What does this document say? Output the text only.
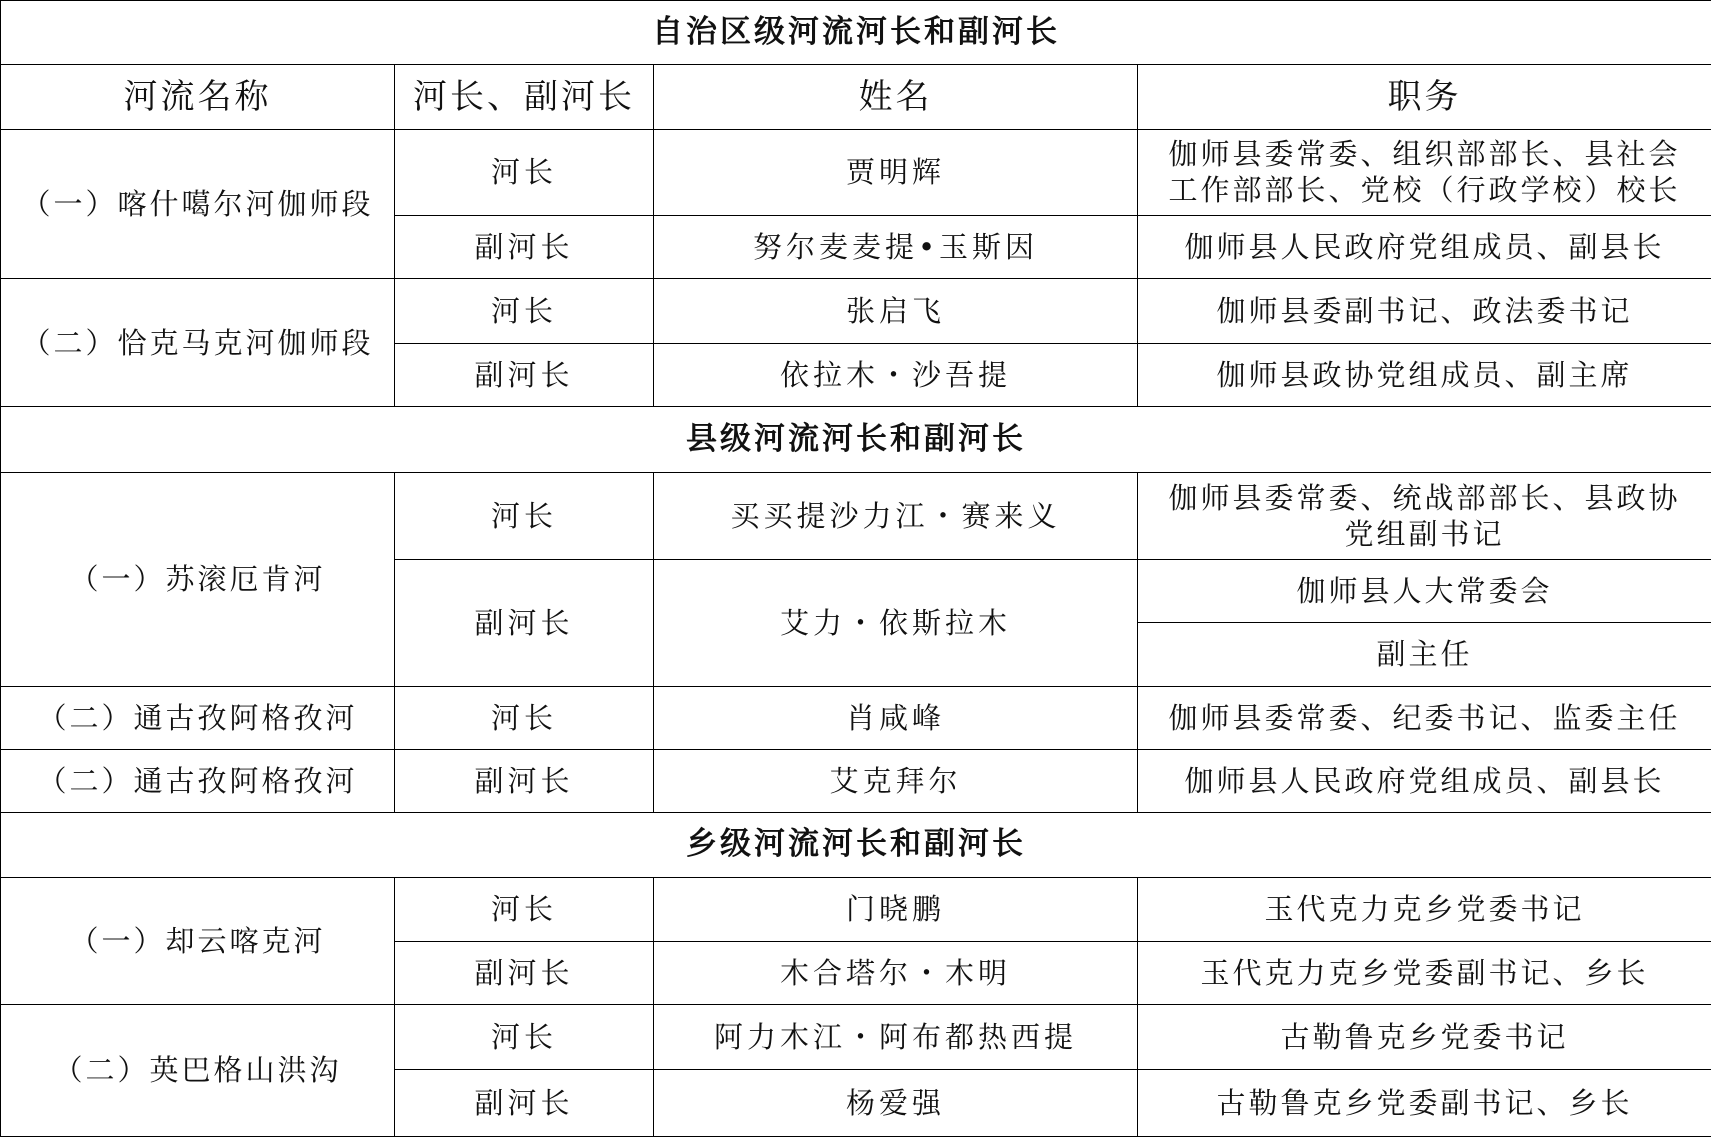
自治区级河流河长和副河长			
河流名称	河长、副河长	姓名	职务
（一）喀什噶尔河伽师段	河长	贾明辉	伽师县委常委、组织部部长、县社会
工作部部长、党校（行政学校）校长

	副河长	努尔麦麦提•玉斯因	伽师县人民政府党组成员、副县长
（二）恰克马克河伽师段	河长	张启飞	伽师县委副书记、政法委书记
	副河长	依拉木・沙吾提	伽师县政协党组成员、副主席
县级河流河长和副河长			
（一）苏滚厄肯河	河长	买买提沙力江・赛来义	伽师县委常委、统战部部长、县政协
党组副书记

	副河长	艾力・依斯拉木	伽师县人大常委会
			副主任
（二）通古孜阿格孜河	河长	肖咸峰	伽师县委常委、纪委书记、监委主任
（二）通古孜阿格孜河	副河长	艾克拜尔	伽师县人民政府党组成员、副县长
乡级河流河长和副河长			
（一）却云喀克河	河长	门晓鹏	玉代克力克乡党委书记
	副河长	木合塔尔・木明	玉代克力克乡党委副书记、乡长
（二）英巴格山洪沟	河长	阿力木江・阿布都热西提	古勒鲁克乡党委书记
	副河长	杨爱强	古勒鲁克乡党委副书记、乡长
